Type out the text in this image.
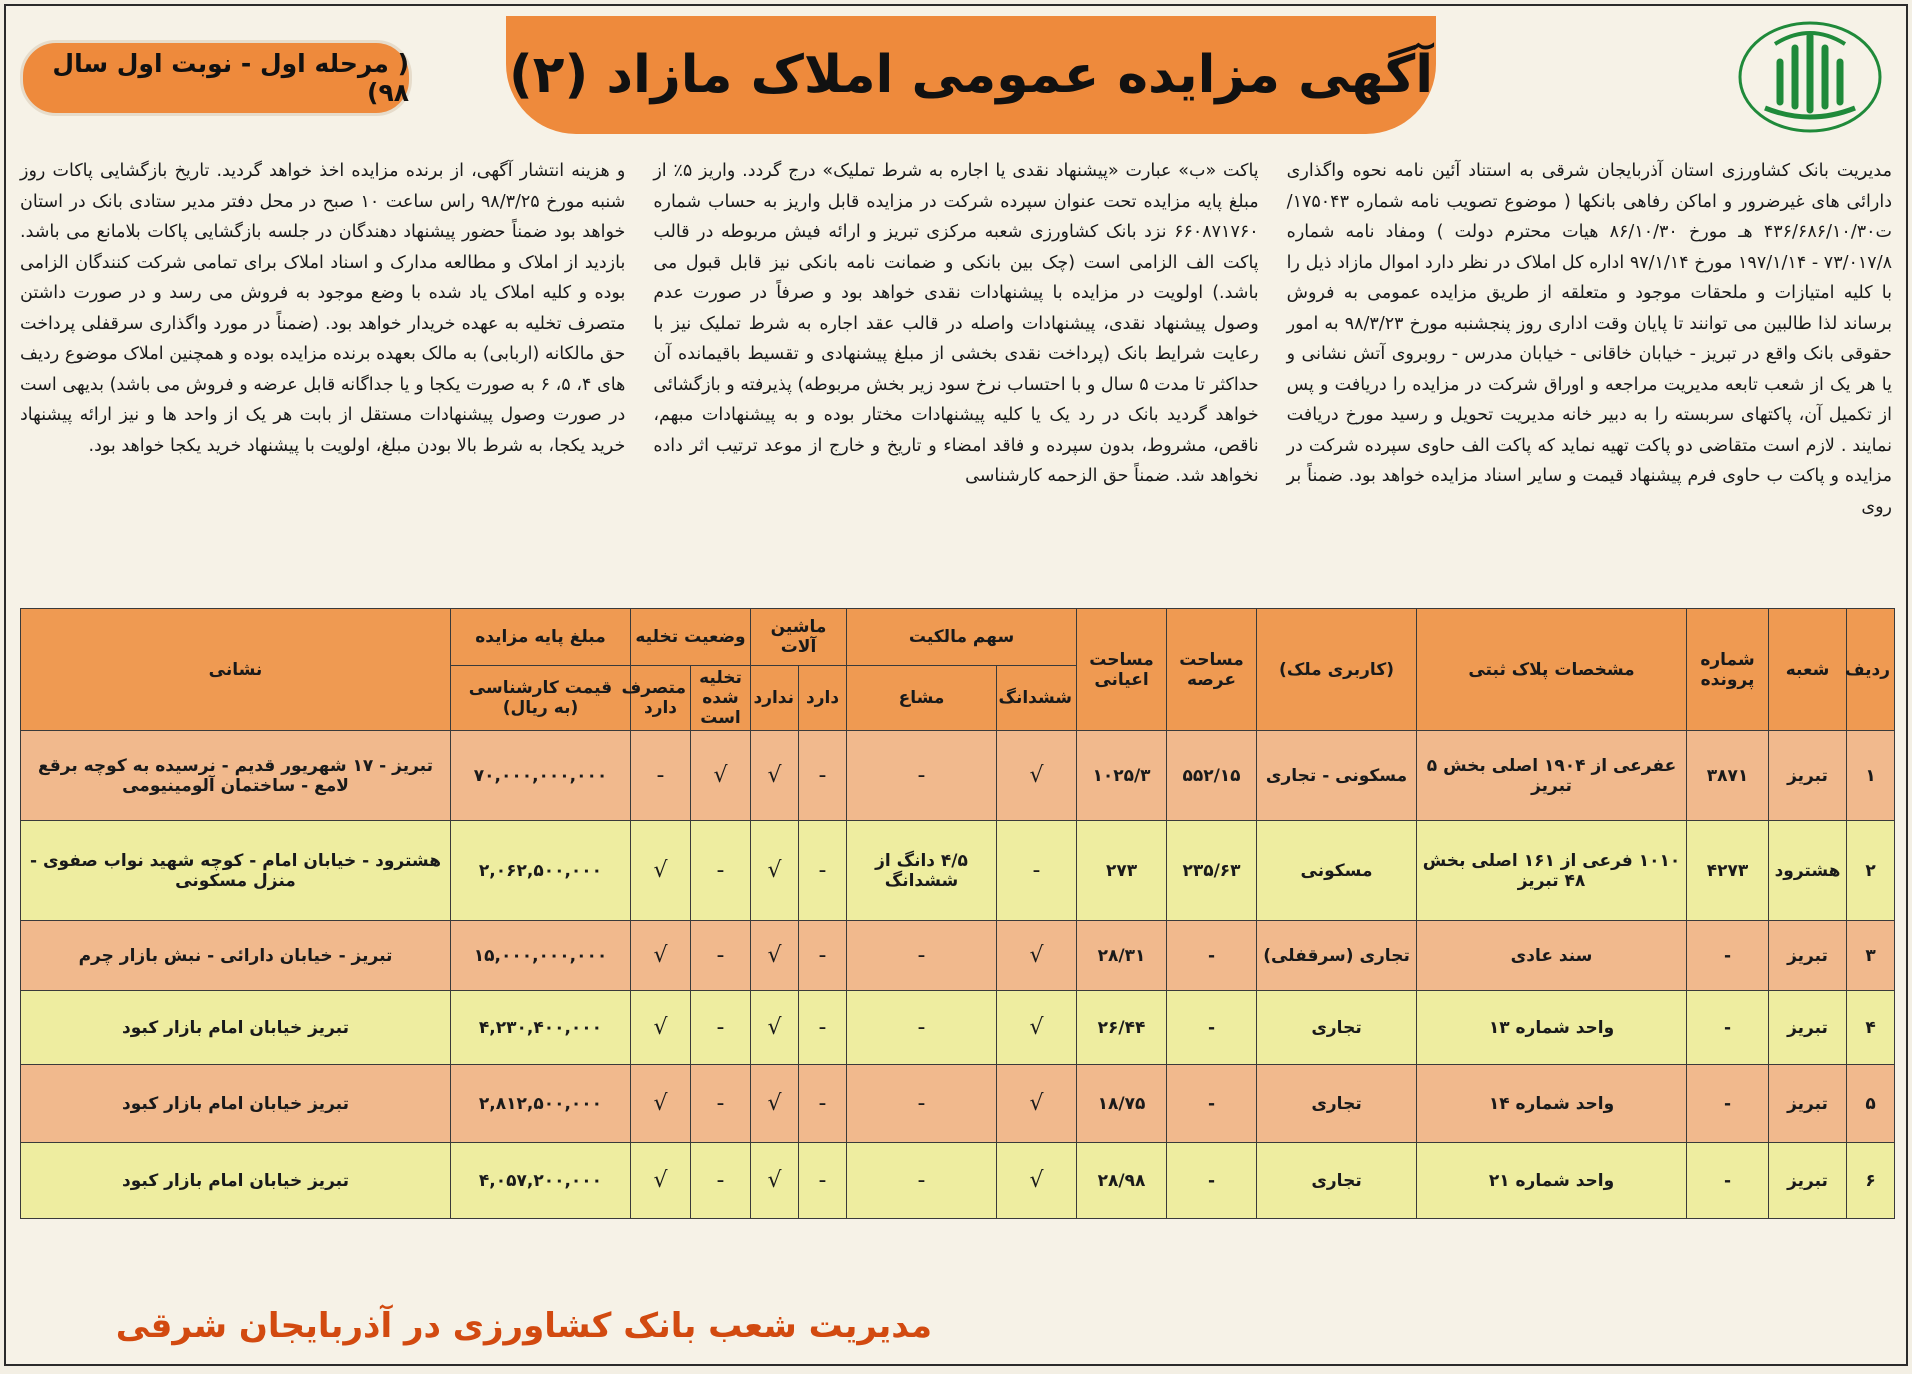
آگهی مزایده عمومی املاک مازاد (۲)
( مرحله اول - نوبت اول سال ۹۸)
مدیریت بانک کشاورزی استان آذربایجان شرقی به استناد آئین نامه نحوه واگذاری دارائی های غیرضرور و اماکن رفاهی بانکها ( موضوع تصویب نامه شماره ۱۷۵۰۴۳/ت۴۳۶/۶۸۶/۱۰/۳۰ هـ مورخ ۸۶/۱۰/۳۰ هیات محترم دولت ) ومفاد نامه شماره ۷۳/۰۱۷/۸ - ۱۹۷/۱/۱۴ مورخ ۹۷/۱/۱۴ اداره کل املاک در نظر دارد اموال مازاد ذیل را با کلیه امتیازات و ملحقات موجود و متعلقه از طریق مزایده عمومی به فروش برساند لذا طالبین می توانند تا پایان وقت اداری روز پنجشنبه مورخ ۹۸/۳/۲۳ به امور حقوقی بانک واقع در تبریز - خیابان خاقانی - خیابان مدرس - روبروی آتش نشانی و یا هر یک از شعب تابعه مدیریت مراجعه و اوراق شرکت در مزایده را دریافت و پس از تکمیل آن، پاکتهای سربسته را به دبیر خانه مدیریت تحویل و رسید مورخ دریافت نمایند . لازم است متقاضی دو پاکت تهیه نماید که پاکت الف حاوی سپرده شرکت در مزایده و پاکت ب حاوی فرم پیشنهاد قیمت و سایر اسناد مزایده خواهد بود. ضمناً بر روی
پاکت «ب» عبارت «پیشنهاد نقدی یا اجاره به شرط تملیک» درج گردد. واریز ۵٪ از مبلغ پایه مزایده تحت عنوان سپرده شرکت در مزایده قابل واریز به حساب شماره ۶۶۰۸۷۱۷۶۰ نزد بانک کشاورزی شعبه مرکزی تبریز و ارائه فیش مربوطه در قالب پاکت الف الزامی است (چک بین بانکی و ضمانت نامه بانکی نیز قابل قبول می باشد.) اولویت در مزایده با پیشنهادات نقدی خواهد بود و صرفاً در صورت عدم وصول پیشنهاد نقدی، پیشنهادات واصله در قالب عقد اجاره به شرط تملیک نیز با رعایت شرایط بانک (پرداخت نقدی بخشی از مبلغ پیشنهادی و تقسیط باقیمانده آن حداکثر تا مدت ۵ سال و با احتساب نرخ سود زیر بخش مربوطه) پذیرفته و بازگشائی خواهد گردید بانک در رد یک یا کلیه پیشنهادات مختار بوده و به پیشنهادات مبهم، ناقص، مشروط، بدون سپرده و فاقد امضاء و تاریخ و خارج از موعد ترتیب اثر داده نخواهد شد. ضمناً حق الزحمه کارشناسی
و هزینه انتشار آگهی، از برنده مزایده اخذ خواهد گردید. تاریخ بازگشایی پاکات روز شنبه مورخ ۹۸/۳/۲۵ راس ساعت ۱۰ صبح در محل دفتر مدیر ستادی بانک در استان خواهد بود ضمناً حضور پیشنهاد دهندگان در جلسه بازگشایی پاکات بلامانع می باشد. بازدید از املاک و مطالعه مدارک و اسناد املاک برای تمامی شرکت کنندگان الزامی بوده و کلیه املاک یاد شده با وضع موجود به فروش می رسد و در صورت داشتن متصرف تخلیه به عهده خریدار خواهد بود. (ضمناً در مورد واگذاری سرقفلی پرداخت حق مالکانه (اربابی) به مالک بعهده برنده مزایده بوده و همچنین املاک موضوع ردیف های ۴، ۵، ۶ به صورت یکجا و یا جداگانه قابل عرضه و فروش می باشد) بدیهی است در صورت وصول پیشنهادات مستقل از بابت هر یک از واحد ها و نیز ارائه پیشنهاد خرید یکجا، به شرط بالا بودن مبلغ، اولویت با پیشنهاد خرید یکجا خواهد بود.
ردیف	شعبه	شماره پرونده	مشخصات پلاک ثبتی	(کاربری ملک)	مساحت عرصه	مساحت اعیانی	سهم مالکیت		ماشین آلات		وضعیت تخلیه		مبلغ پایه مزایده	نشانی
							ششدانگ	مشاع	دارد	ندارد	تخلیه شده است	متصرف دارد	قیمت کارشناسی (به ریال)	
۱	تبریز	۳۸۷۱	عفرعی از ۱۹۰۴ اصلی بخش ۵ تبریز	مسکونی - تجاری	۵۵۲/۱۵	۱۰۲۵/۳	√	-	-	√	√	-	۷۰,۰۰۰,۰۰۰,۰۰۰	تبریز - ۱۷ شهریور قدیم - نرسیده به کوچه برقع لامع - ساختمان آلومینیومی
۲	هشترود	۴۲۷۳	۱۰۱۰ فرعی از ۱۶۱ اصلی بخش ۴۸ تبریز	مسکونی	۲۳۵/۶۳	۲۷۳	-	۴/۵ دانگ از ششدانگ	-	√	-	√	۲,۰۶۲,۵۰۰,۰۰۰	هشترود - خیابان امام - کوچه شهید نواب صفوی - منزل مسکونی
۳	تبریز	-	سند عادی	تجاری (سرقفلی)	-	۲۸/۳۱	√	-	-	√	-	√	۱۵,۰۰۰,۰۰۰,۰۰۰	تبریز - خیابان دارائی - نبش بازار چرم
۴	تبریز	-	واحد شماره ۱۳	تجاری	-	۲۶/۴۴	√	-	-	√	-	√	۴,۲۳۰,۴۰۰,۰۰۰	تبریز خیابان امام بازار کبود
۵	تبریز	-	واحد شماره ۱۴	تجاری	-	۱۸/۷۵	√	-	-	√	-	√	۲,۸۱۲,۵۰۰,۰۰۰	تبریز خیابان امام بازار کبود
۶	تبریز	-	واحد شماره ۲۱	تجاری	-	۲۸/۹۸	√	-	-	√	-	√	۴,۰۵۷,۲۰۰,۰۰۰	تبریز خیابان امام بازار کبود
مدیریت شعب بانک کشاورزی در آذربایجان شرقی
